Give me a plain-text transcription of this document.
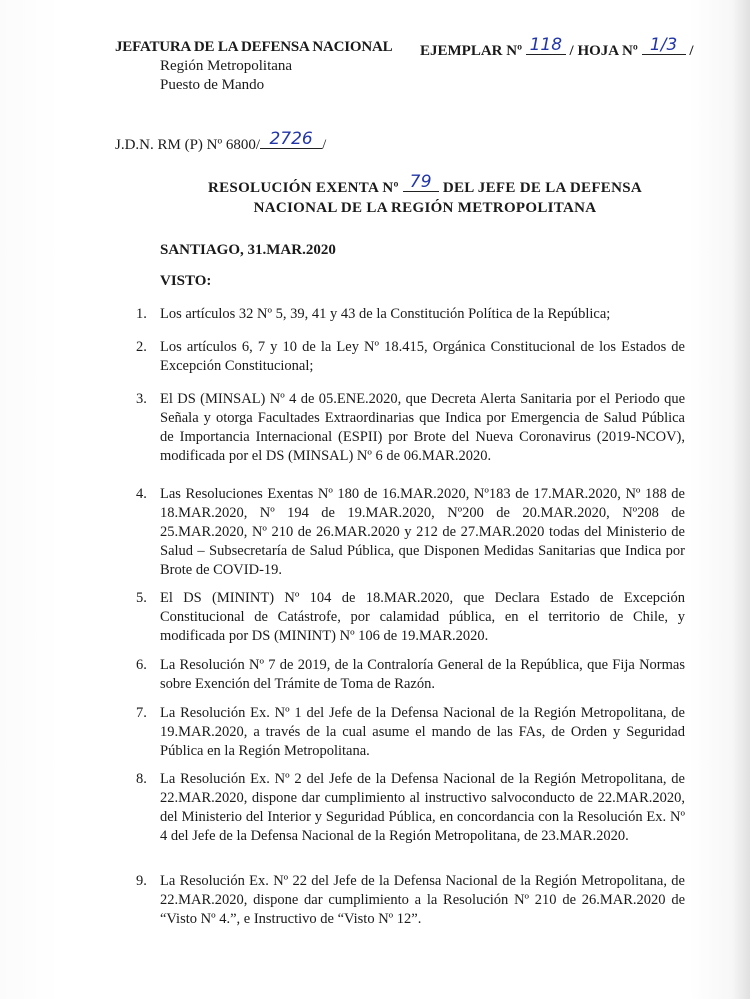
JEFATURA DE LA DEFENSA NACIONAL
Región Metropolitana
Puesto de Mando
EJEMPLAR Nº 118 / HOJA Nº 1/3 /
J.D.N. RM (P) Nº 6800/ 2726 /
RESOLUCIÓN EXENTA Nº 79 DEL JEFE DE LA DEFENSA
NACIONAL DE LA REGIÓN METROPOLITANA
SANTIAGO, 31.MAR.2020
VISTO:
1. Los artículos 32 Nº 5, 39, 41 y 43 de la Constitución Política de la República;
2. Los artículos 6, 7 y 10 de la Ley Nº 18.415, Orgánica Constitucional de los Estados de Excepción Constitucional;
3. El DS (MINSAL) Nº 4 de 05.ENE.2020, que Decreta Alerta Sanitaria por el Periodo que Señala y otorga Facultades Extraordinarias que Indica por Emergencia de Salud Pública de Importancia Internacional (ESPII) por Brote del Nueva Coronavirus (2019-NCOV), modificada por el DS (MINSAL) Nº 6 de 06.MAR.2020.
4. Las Resoluciones Exentas Nº 180 de 16.MAR.2020, Nº183 de 17.MAR.2020, Nº 188 de 18.MAR.2020, Nº 194 de 19.MAR.2020, Nº200 de 20.MAR.2020, Nº208 de 25.MAR.2020, Nº 210 de 26.MAR.2020 y 212 de 27.MAR.2020 todas del Ministerio de Salud – Subsecretaría de Salud Pública, que Disponen Medidas Sanitarias que Indica por Brote de COVID-19.
5. El DS (MININT) Nº 104 de 18.MAR.2020, que Declara Estado de Excepción Constitucional de Catástrofe, por calamidad pública, en el territorio de Chile, y modificada por DS (MININT) Nº 106 de 19.MAR.2020.
6. La Resolución Nº 7 de 2019, de la Contraloría General de la República, que Fija Normas sobre Exención del Trámite de Toma de Razón.
7. La Resolución Ex. Nº 1 del Jefe de la Defensa Nacional de la Región Metropolitana, de 19.MAR.2020, a través de la cual asume el mando de las FAs, de Orden y Seguridad Pública en la Región Metropolitana.
8. La Resolución Ex. Nº 2 del Jefe de la Defensa Nacional de la Región Metropolitana, de 22.MAR.2020, dispone dar cumplimiento al instructivo salvoconducto de 22.MAR.2020, del Ministerio del Interior y Seguridad Pública, en concordancia con la Resolución Ex. Nº 4 del Jefe de la Defensa Nacional de la Región Metropolitana, de 23.MAR.2020.
9. La Resolución Ex. Nº 22 del Jefe de la Defensa Nacional de la Región Metropolitana, de 22.MAR.2020, dispone dar cumplimiento a la Resolución Nº 210 de 26.MAR.2020 de “Visto Nº 4.”, e Instructivo de “Visto Nº 12”.
